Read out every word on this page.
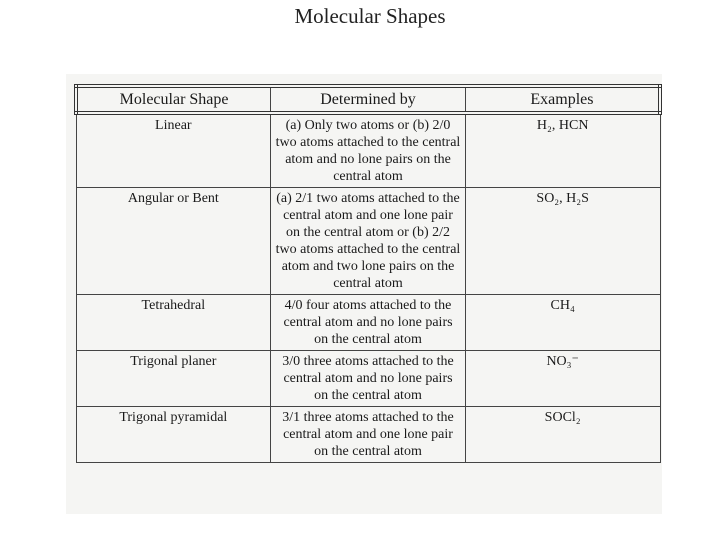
Molecular Shapes
Molecular Shape	Determined by	Examples
Linear	(a) Only two atoms or (b) 2/0 two atoms attached to the central atom and no lone pairs on the central atom	H₂, HCN
Angular or Bent	(a) 2/1 two atoms attached to the central atom and one lone pair on the central atom or (b) 2/2 two atoms attached to the central atom and two lone pairs on the central atom	SO₂, H₂S
Tetrahedral	4/0 four atoms attached to the central atom and no lone pairs on the central atom	CH₄
Trigonal planer	3/0 three atoms attached to the central atom and no lone pairs on the central atom	NO₃⁻
Trigonal pyramidal	3/1 three atoms attached to the central atom and one lone pair on the central atom	SOCl₂
